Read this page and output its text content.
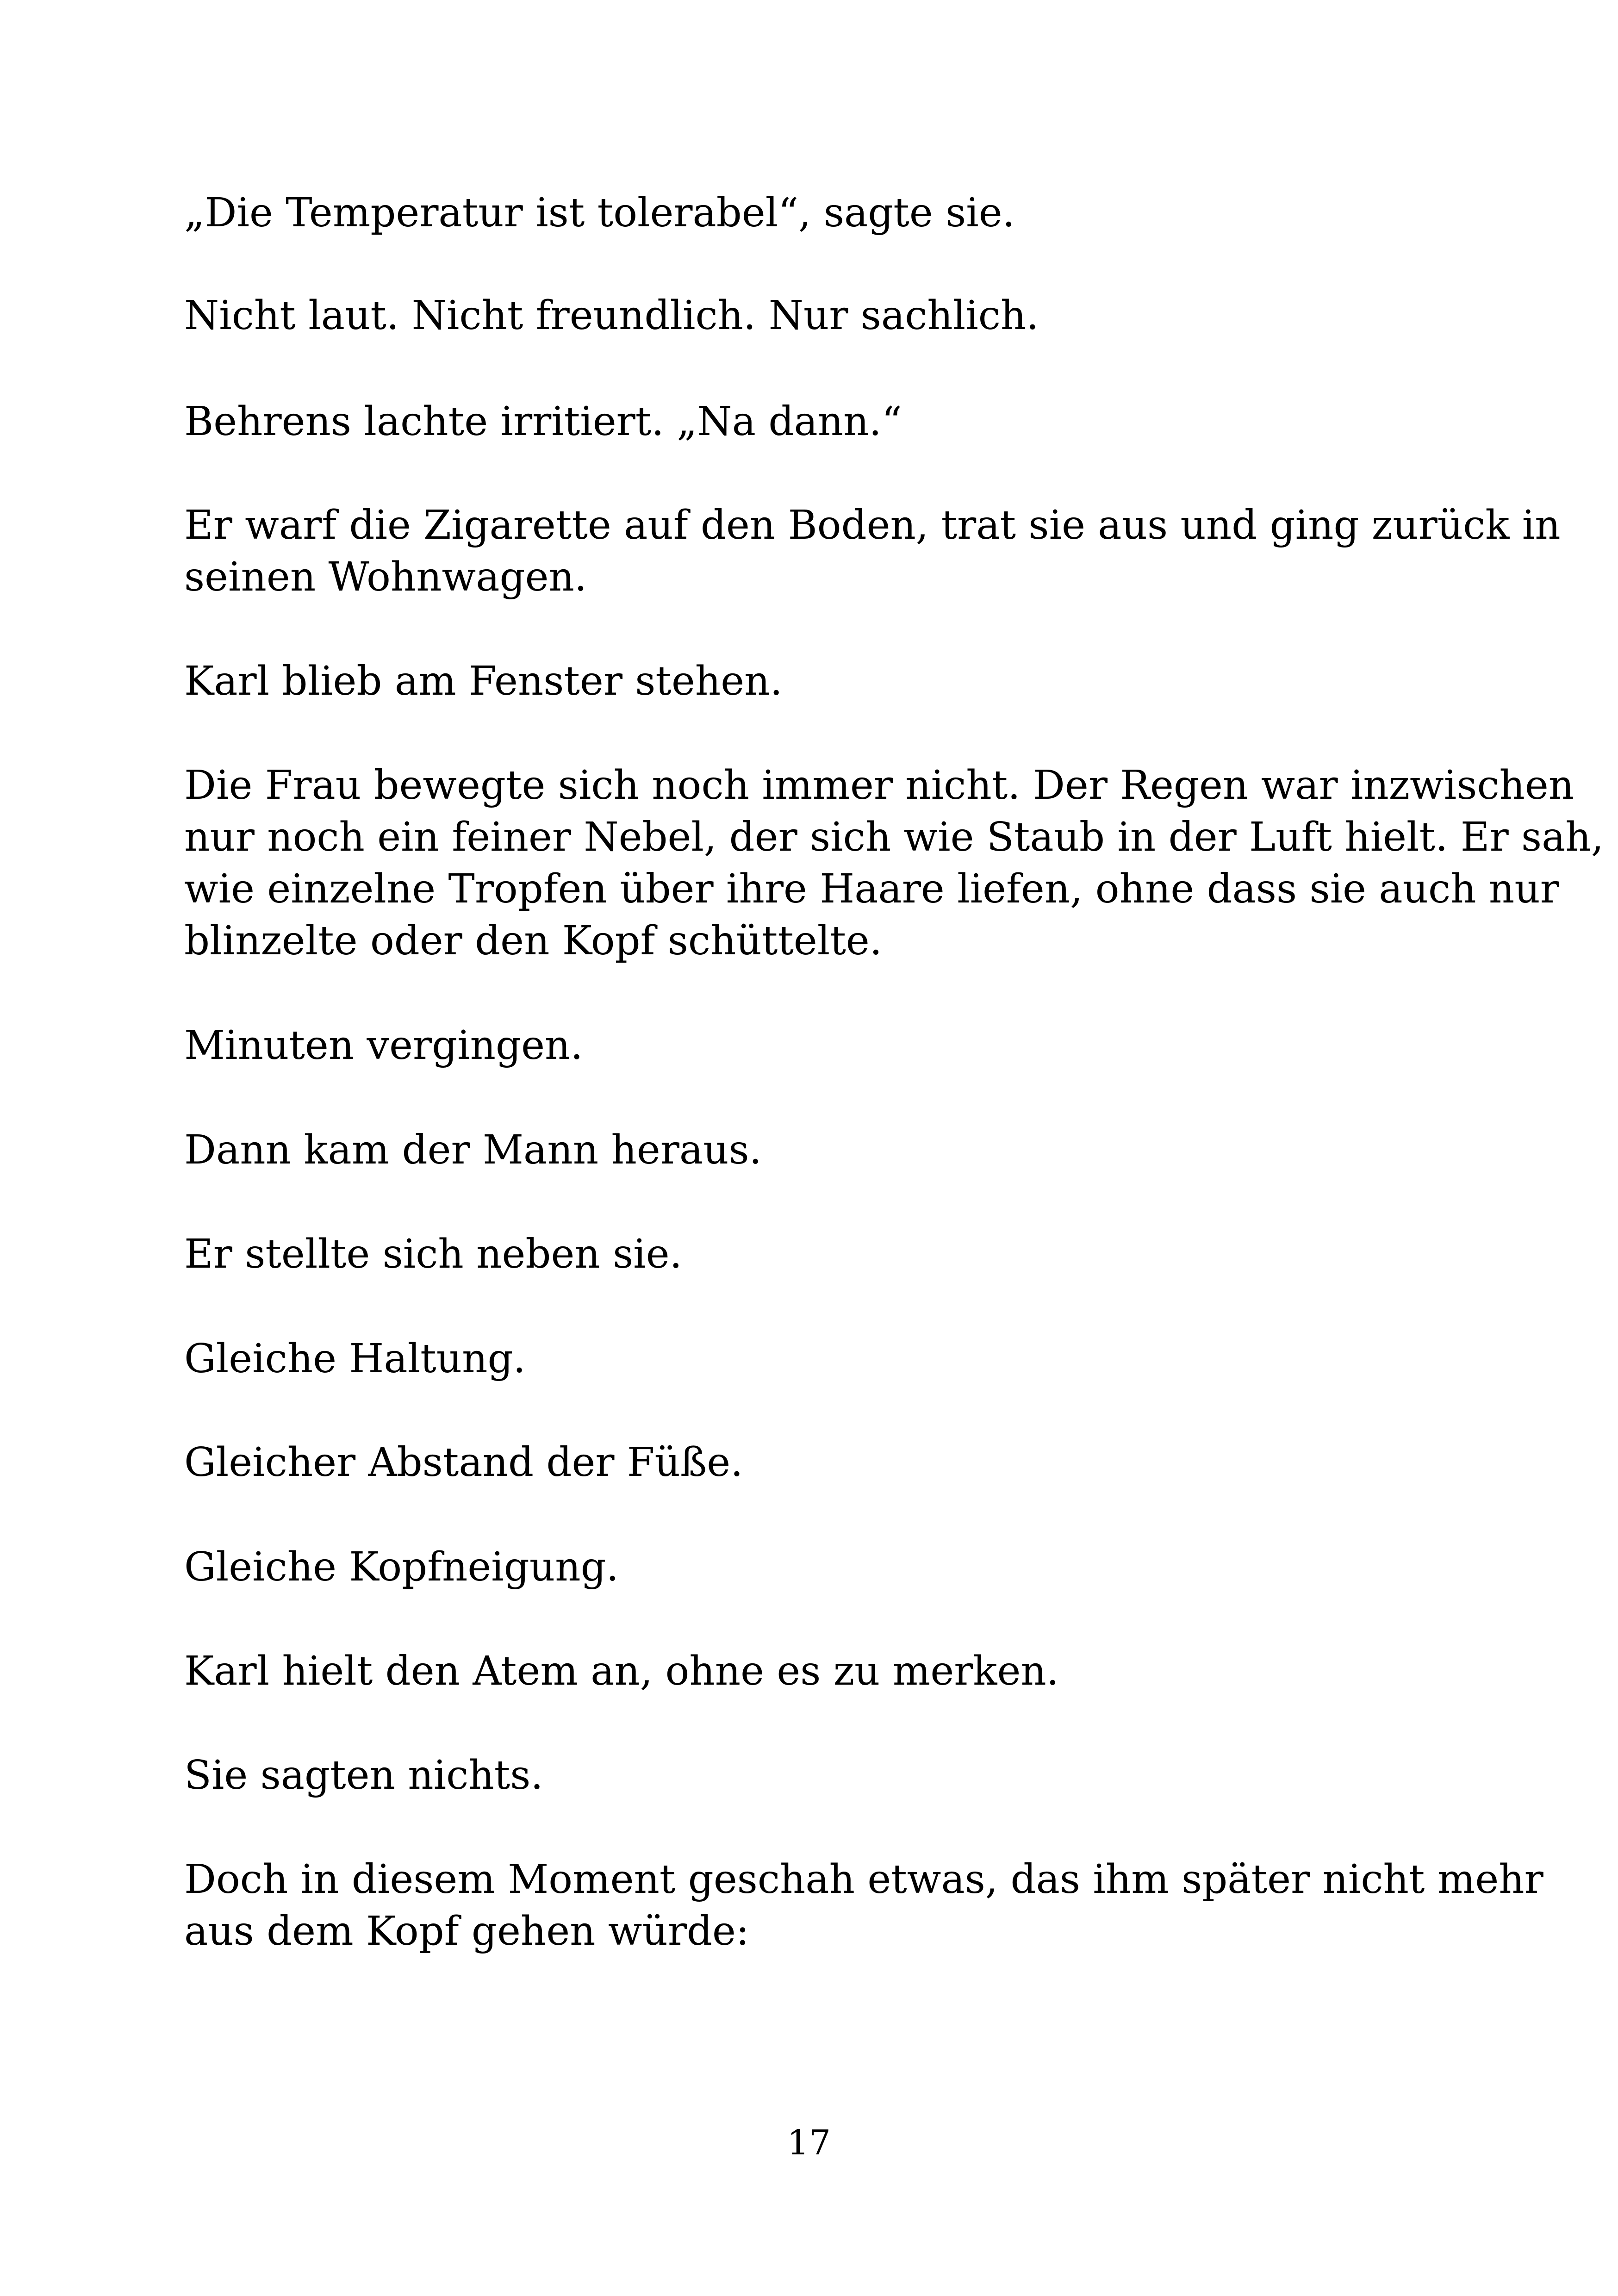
„Die Temperatur ist tolerabel“, sagte sie.

Nicht laut. Nicht freundlich. Nur sachlich.

Behrens lachte irritiert. „Na dann.“

Er warf die Zigarette auf den Boden, trat sie aus und ging zurück in
seinen Wohnwagen.

Karl blieb am Fenster stehen.

Die Frau bewegte sich noch immer nicht. Der Regen war inzwischen
nur noch ein feiner Nebel, der sich wie Staub in der Luft hielt. Er sah,
wie einzelne Tropfen über ihre Haare liefen, ohne dass sie auch nur
blinzelte oder den Kopf schüttelte.

Minuten vergingen.

Dann kam der Mann heraus.

Er stellte sich neben sie.

Gleiche Haltung.

Gleicher Abstand der Füße.

Gleiche Kopfneigung.

Karl hielt den Atem an, ohne es zu merken.

Sie sagten nichts.

Doch in diesem Moment geschah etwas, das ihm später nicht mehr
aus dem Kopf gehen würde:

17
